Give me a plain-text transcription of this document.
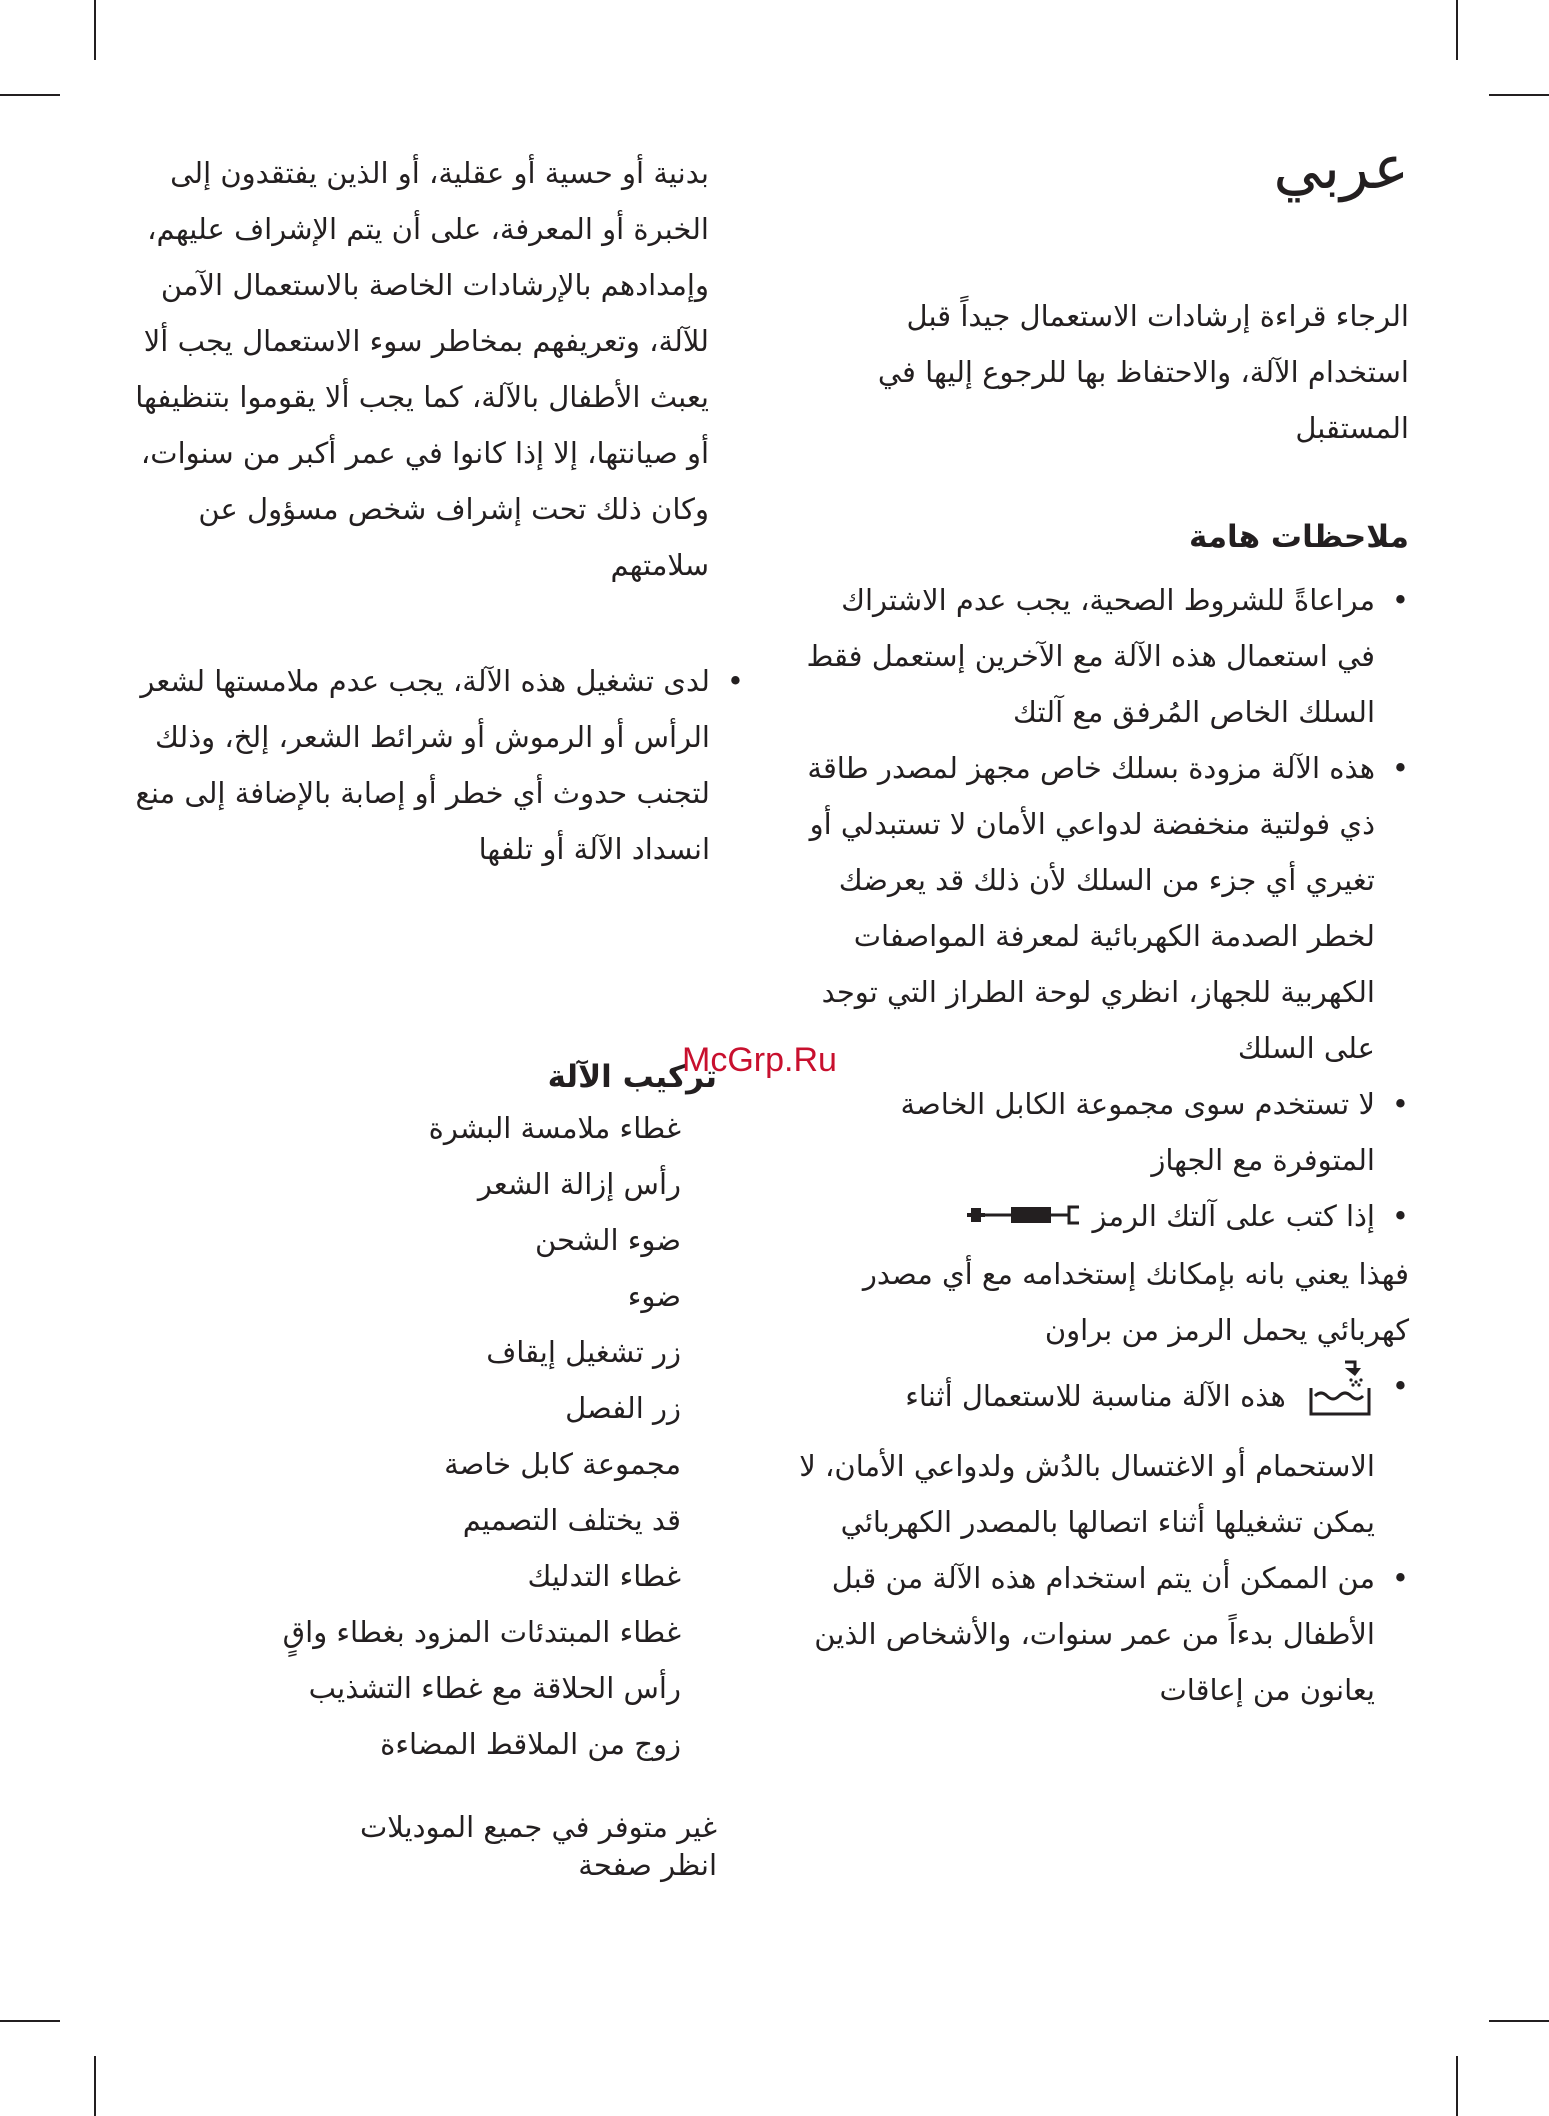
عربي

الرجاء قراءة إرشادات الاستعمال جيداً قبل استخدام الآلة، والاحتفاظ بها للرجوع إليها في المستقبل

ملاحظات هامة
• مراعاةً للشروط الصحية، يجب عدم الاشتراك في استعمال هذه الآلة مع الآخرين إستعمل فقط السلك الخاص المُرفق مع آلتك
• هذه الآلة مزودة بسلك خاص مجهز لمصدر طاقة ذي فولتية منخفضة لدواعي الأمان لا تستبدلي أو تغيري أي جزء من السلك لأن ذلك قد يعرضك لخطر الصدمة الكهربائية لمعرفة المواصفات الكهربية للجهاز، انظري لوحة الطراز التي توجد على السلك
• لا تستخدم سوى مجموعة الكابل الخاصة المتوفرة مع الجهاز
• إذا كتب على آلتك الرمز
فهذا يعني بانه بإمكانك إستخدامه مع أي مصدر كهربائي يحمل الرمز من براون
• هذه الآلة مناسبة للاستعمال أثناء الاستحمام أو الاغتسال بالدُش ولدواعي الأمان، لا يمكن تشغيلها أثناء اتصالها بالمصدر الكهربائي
• من الممكن أن يتم استخدام هذه الآلة من قبل الأطفال بدءاً من عمر سنوات، والأشخاص الذين يعانون من إعاقات

بدنية أو حسية أو عقلية، أو الذين يفتقدون إلى الخبرة أو المعرفة، على أن يتم الإشراف عليهم، وإمدادهم بالإرشادات الخاصة بالاستعمال الآمن للآلة، وتعريفهم بمخاطر سوء الاستعمال يجب ألا يعبث الأطفال بالآلة، كما يجب ألا يقوموا بتنظيفها أو صيانتها، إلا إذا كانوا في عمر أكبر من سنوات، وكان ذلك تحت إشراف شخص مسؤول عن سلامتهم

• لدى تشغيل هذه الآلة، يجب عدم ملامستها لشعر الرأس أو الرموش أو شرائط الشعر، إلخ، وذلك لتجنب حدوث أي خطر أو إصابة بالإضافة إلى منع انسداد الآلة أو تلفها
تركيب الآلة
غطاء ملامسة البشرة
رأس إزالة الشعر
ضوء الشحن
ضوء
زر تشغيل إيقاف
زر الفصل
مجموعة كابل خاصة
قد يختلف التصميم
غطاء التدليك
غطاء المبتدئات المزود بغطاء واقٍ
رأس الحلاقة مع غطاء التشذيب
زوج من الملاقط المضاءة
غير متوفر في جميع الموديلات
انظر صفحة
McGrp.Ru
